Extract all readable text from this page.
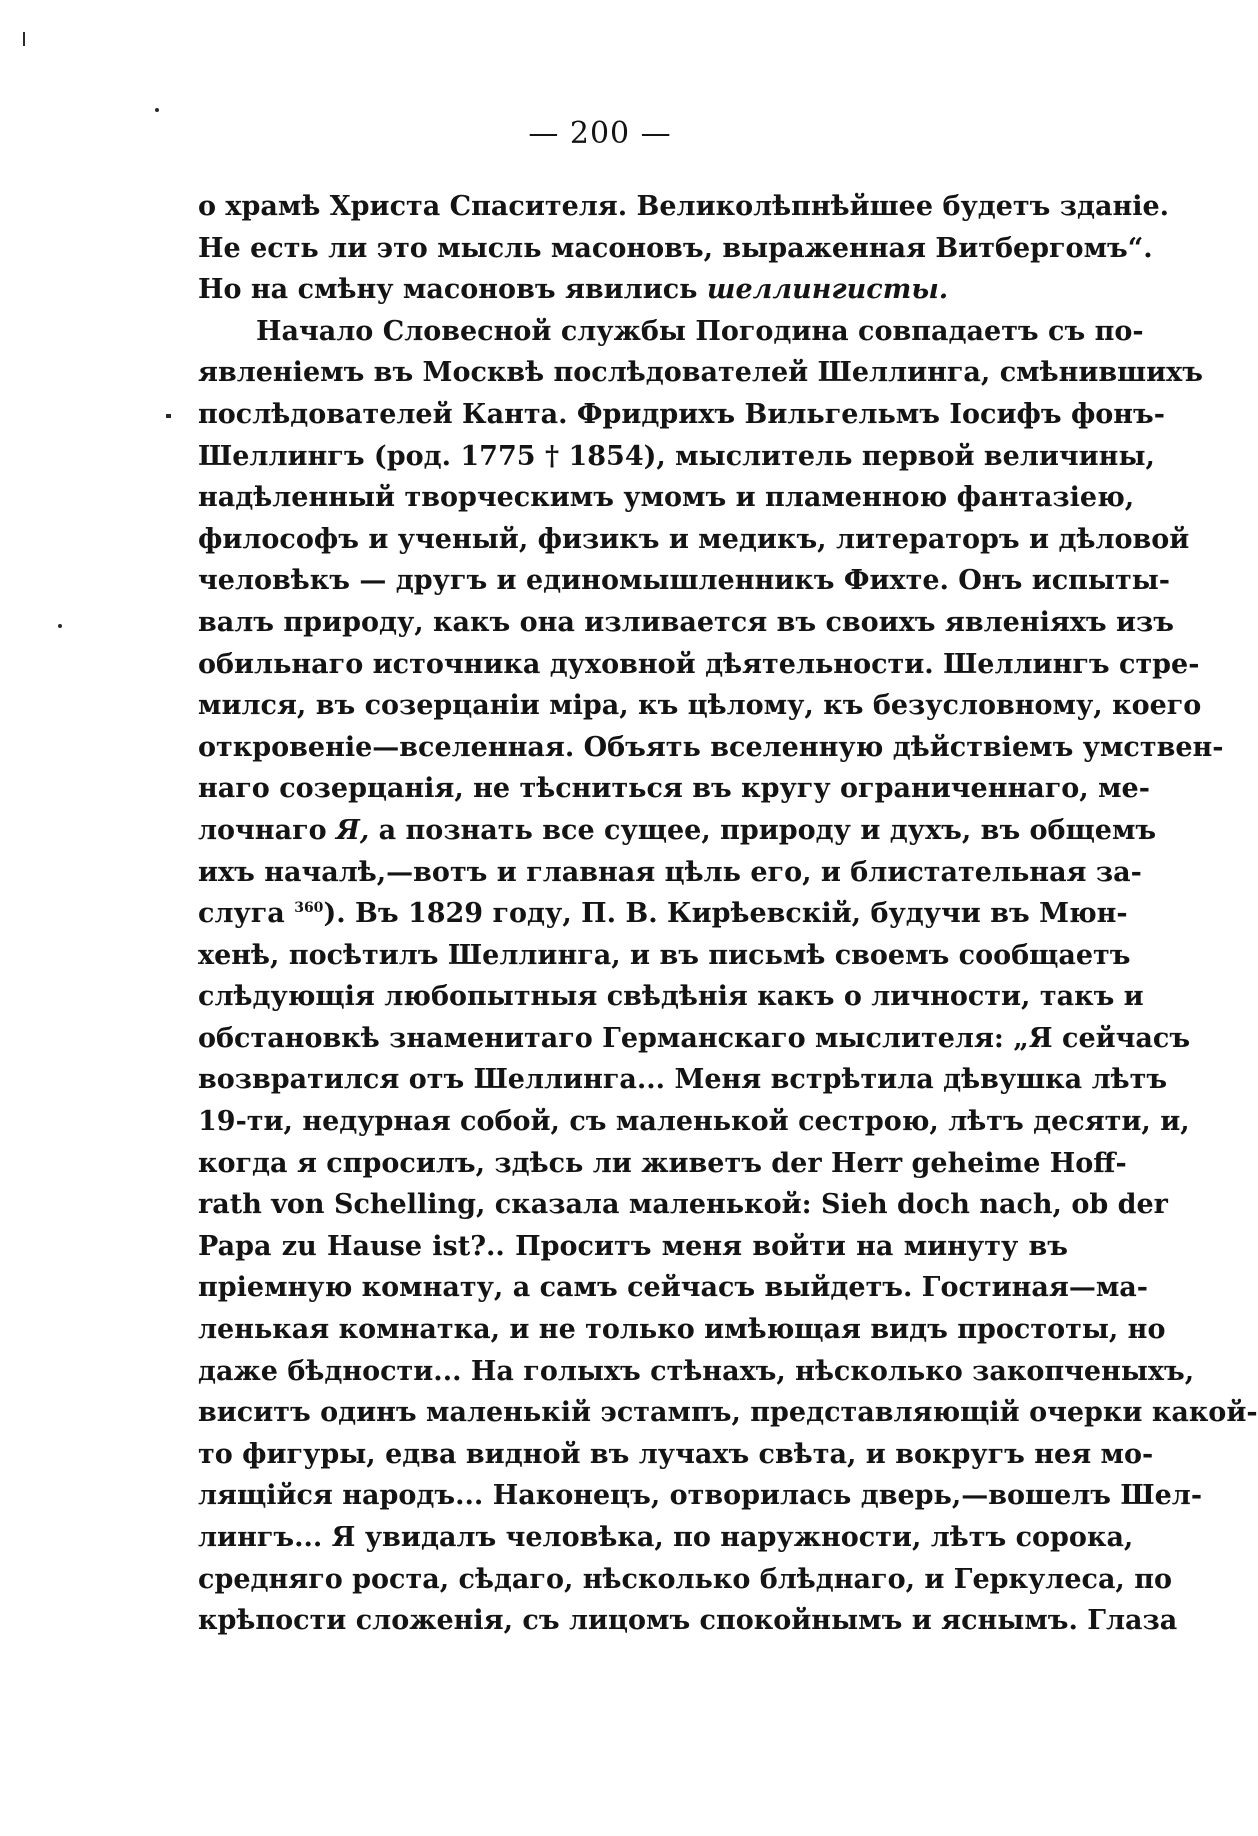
— 200 —
о храмѣ Христа Спасителя. Великолѣпнѣйшее будетъ зданіе.
Не есть ли это мысль масоновъ, выраженная Витбергомъ“.
Но на смѣну масоновъ явились шеллингисты.
Начало Словесной службы Погодина совпадаетъ съ по-
явленіемъ въ Москвѣ послѣдователей Шеллинга, смѣнившихъ
послѣдователей Канта. Фридрихъ Вильгельмъ Іосифъ фонъ-
Шеллингъ (род. 1775 † 1854), мыслитель первой величины,
надѣленный творческимъ умомъ и пламенною фантазіею,
философъ и ученый, физикъ и медикъ, литераторъ и дѣловой
человѣкъ — другъ и единомышленникъ Фихте. Онъ испыты-
валъ природу, какъ она изливается въ своихъ явленіяхъ изъ
обильнаго источника духовной дѣятельности. Шеллингъ стре-
мился, въ созерцаніи міра, къ цѣлому, къ безусловному, коего
откровеніе—вселенная. Объять вселенную дѣйствіемъ умствен-
наго созерцанія, не тѣсниться въ кругу ограниченнаго, ме-
лочнаго Я, а познать все сущее, природу и духъ, въ общемъ
ихъ началѣ,—вотъ и главная цѣль его, и блистательная за-
слуга $^{360}$). Въ 1829 году, П. В. Кирѣевскій, будучи въ Мюн-
хенѣ, посѣтилъ Шеллинга, и въ письмѣ своемъ сообщаетъ
слѣдующія любопытныя свѣдѣнія какъ о личности, такъ и
обстановкѣ знаменитаго Германскаго мыслителя: „Я сейчасъ
возвратился отъ Шеллинга... Меня встрѣтила дѣвушка лѣтъ
19-ти, недурная собой, съ маленькой сестрою, лѣтъ десяти, и,
когда я спросилъ, здѣсь ли живетъ der Herr geheime Hoff-
rath von Schelling, сказала маленькой: Sieh doch nach, ob der
Papa zu Hause ist?.. Проситъ меня войти на минуту въ
пріемную комнату, а самъ сейчасъ выйдетъ. Гостиная—ма-
ленькая комнатка, и не только имѣющая видъ простоты, но
даже бѣдности... На голыхъ стѣнахъ, нѣсколько закопченыхъ,
виситъ одинъ маленькій эстампъ, представляющій очерки какой-
то фигуры, едва видной въ лучахъ свѣта, и вокругъ нея мо-
лящійся народъ... Наконецъ, отворилась дверь,—вошелъ Шел-
лингъ... Я увидалъ человѣка, по наружности, лѣтъ сорока,
средняго роста, сѣдаго, нѣсколько блѣднаго, и Геркулеса, по
крѣпости сложенія, съ лицомъ спокойнымъ и яснымъ. Глаза
